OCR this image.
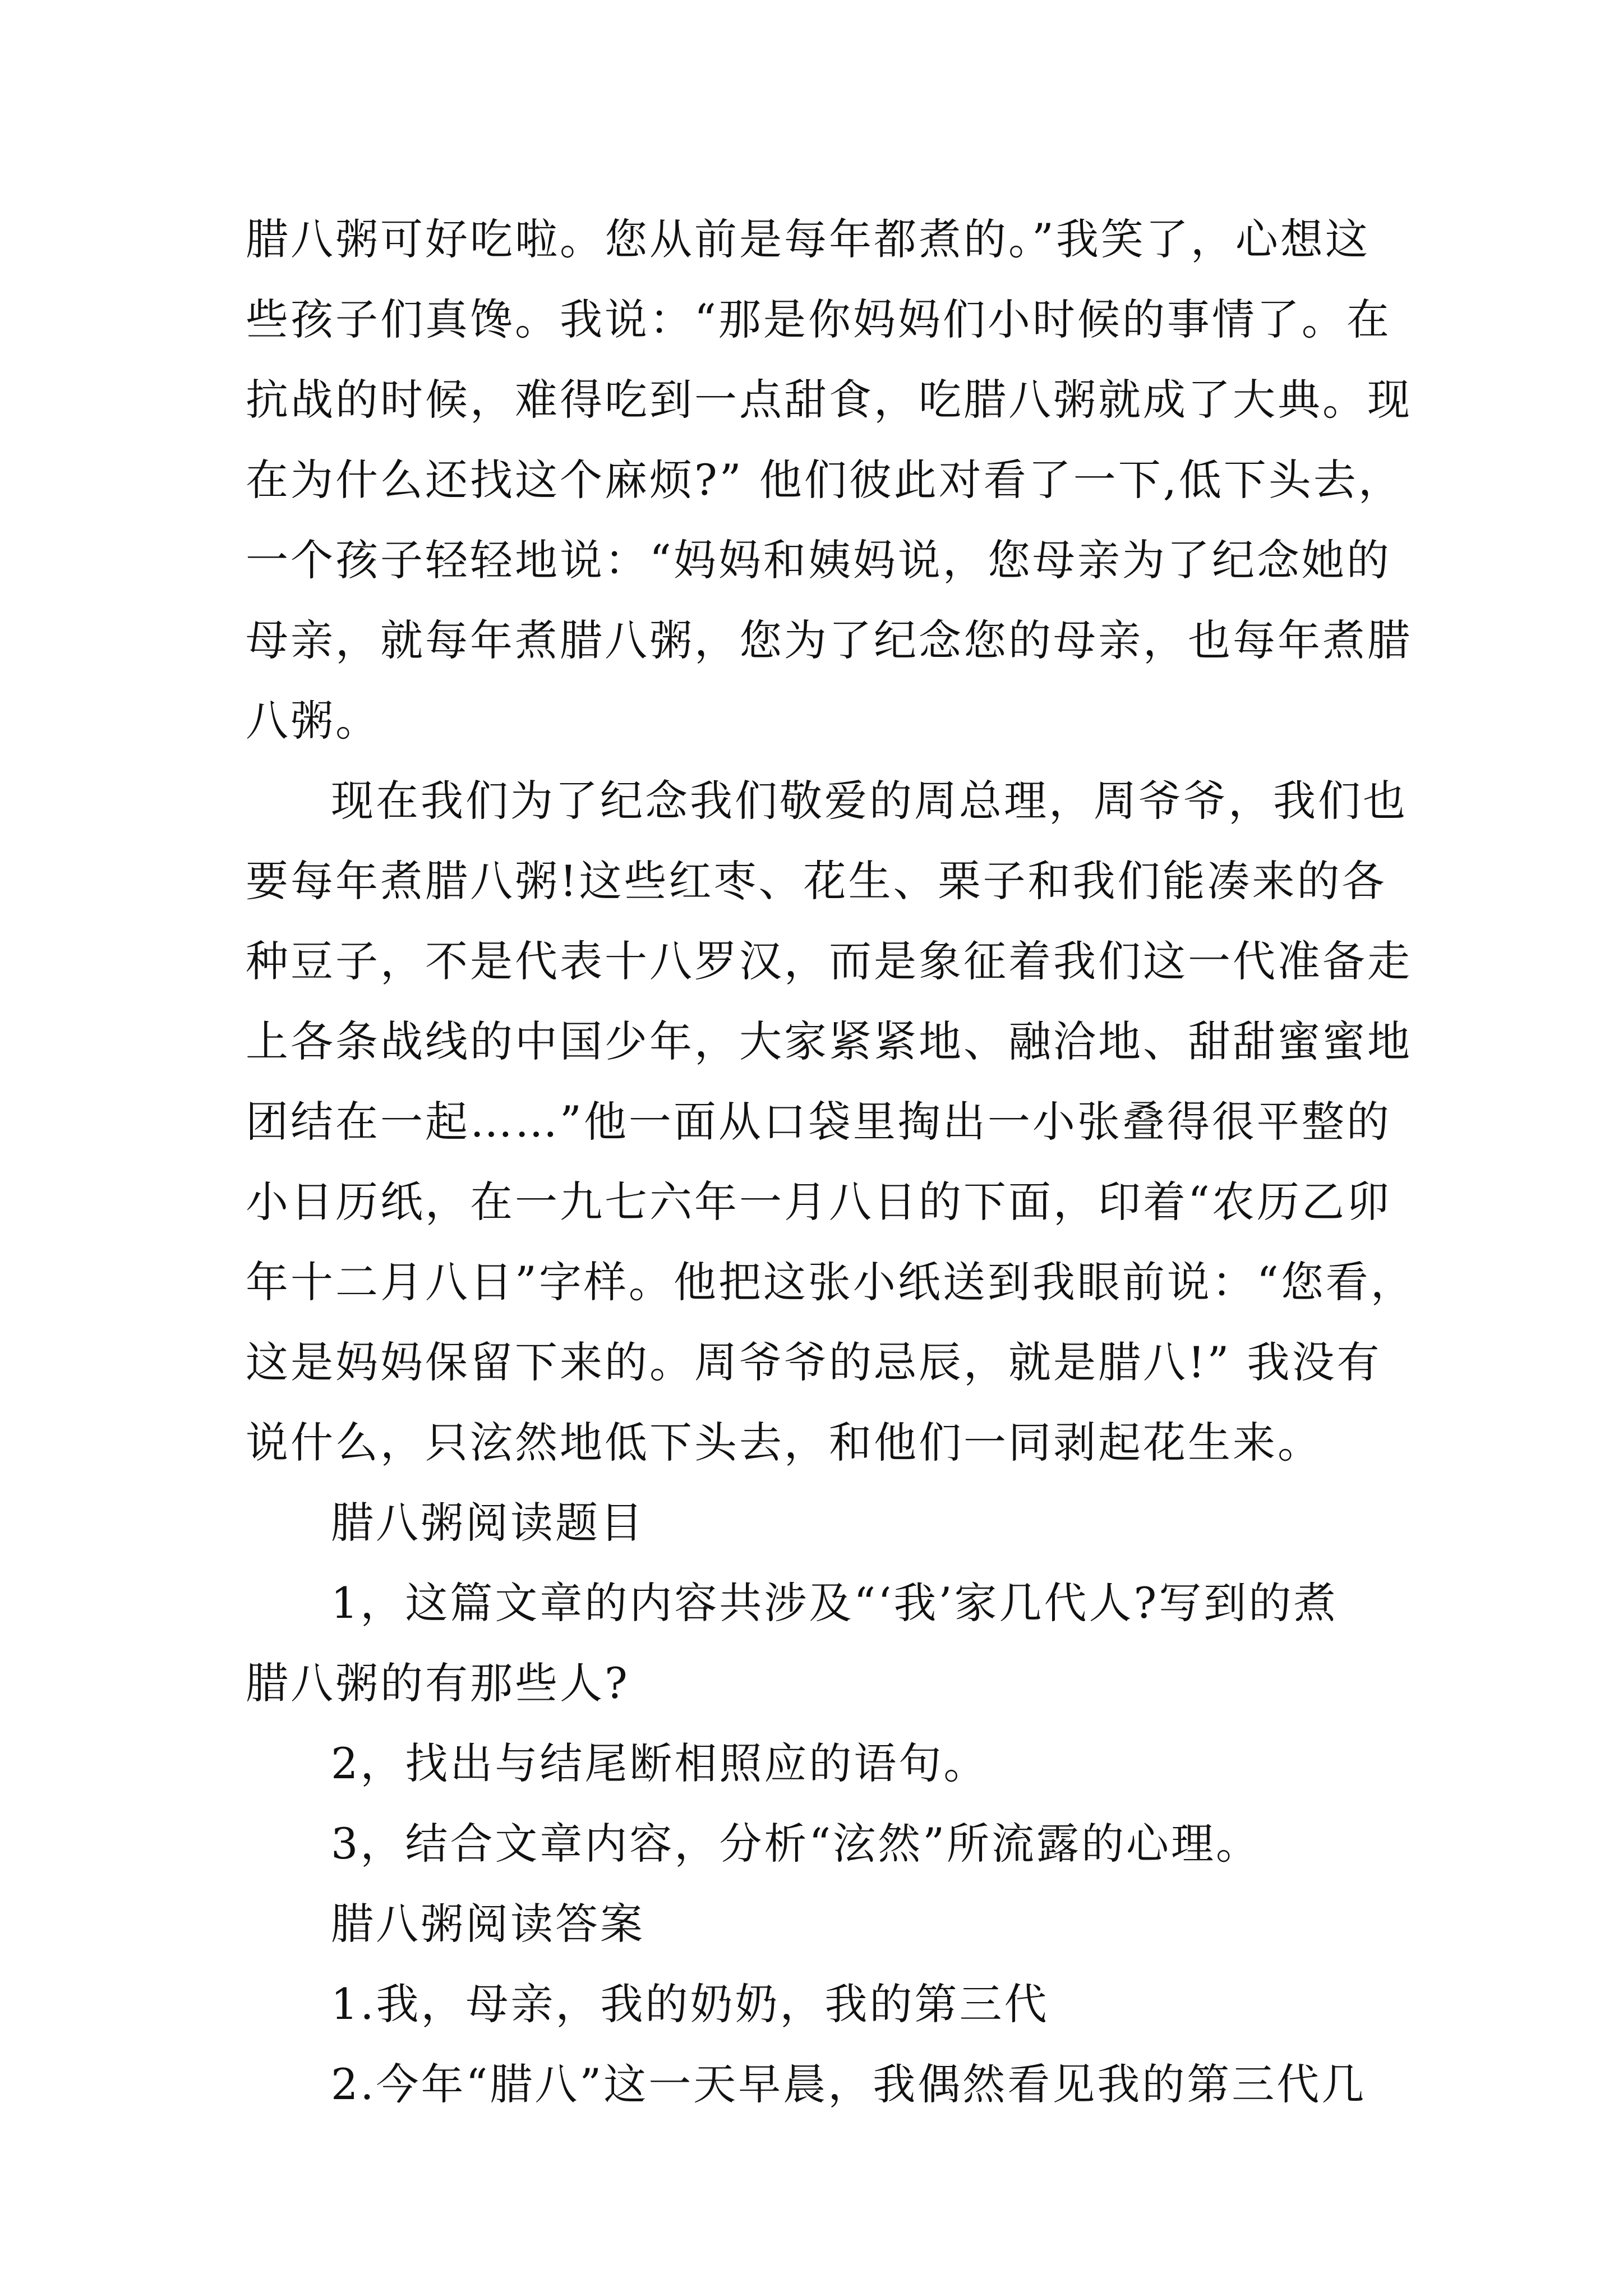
腊八粥可好吃啦。您从前是每年都煮的。”我笑了，心想这
些孩子们真馋。我说：“那是你妈妈们小时候的事情了。在
抗战的时候，难得吃到一点甜食，吃腊八粥就成了大典。现
在为什么还找这个麻烦?” 他们彼此对看了一下,低下头去，
一个孩子轻轻地说：“妈妈和姨妈说，您母亲为了纪念她的
母亲，就每年煮腊八粥，您为了纪念您的母亲，也每年煮腊
八粥。
现在我们为了纪念我们敬爱的周总理，周爷爷，我们也
要每年煮腊八粥!这些红枣、花生、栗子和我们能凑来的各
种豆子，不是代表十八罗汉，而是象征着我们这一代准备走
上各条战线的中国少年，大家紧紧地、融洽地、甜甜蜜蜜地
团结在一起……”他一面从口袋里掏出一小张叠得很平整的
小日历纸，在一九七六年一月八日的下面，印着“农历乙卯
年十二月八日”字样。他把这张小纸送到我眼前说：“您看，
这是妈妈保留下来的。周爷爷的忌辰，就是腊八!” 我没有
说什么，只泫然地低下头去，和他们一同剥起花生来。
腊八粥阅读题目
1，这篇文章的内容共涉及“‘我’家几代人?写到的煮
腊八粥的有那些人?
2，找出与结尾断相照应的语句。
3，结合文章内容，分析“泫然”所流露的心理。
腊八粥阅读答案
1.我，母亲，我的奶奶，我的第三代
2.今年“腊八”这一天早晨，我偶然看见我的第三代几
